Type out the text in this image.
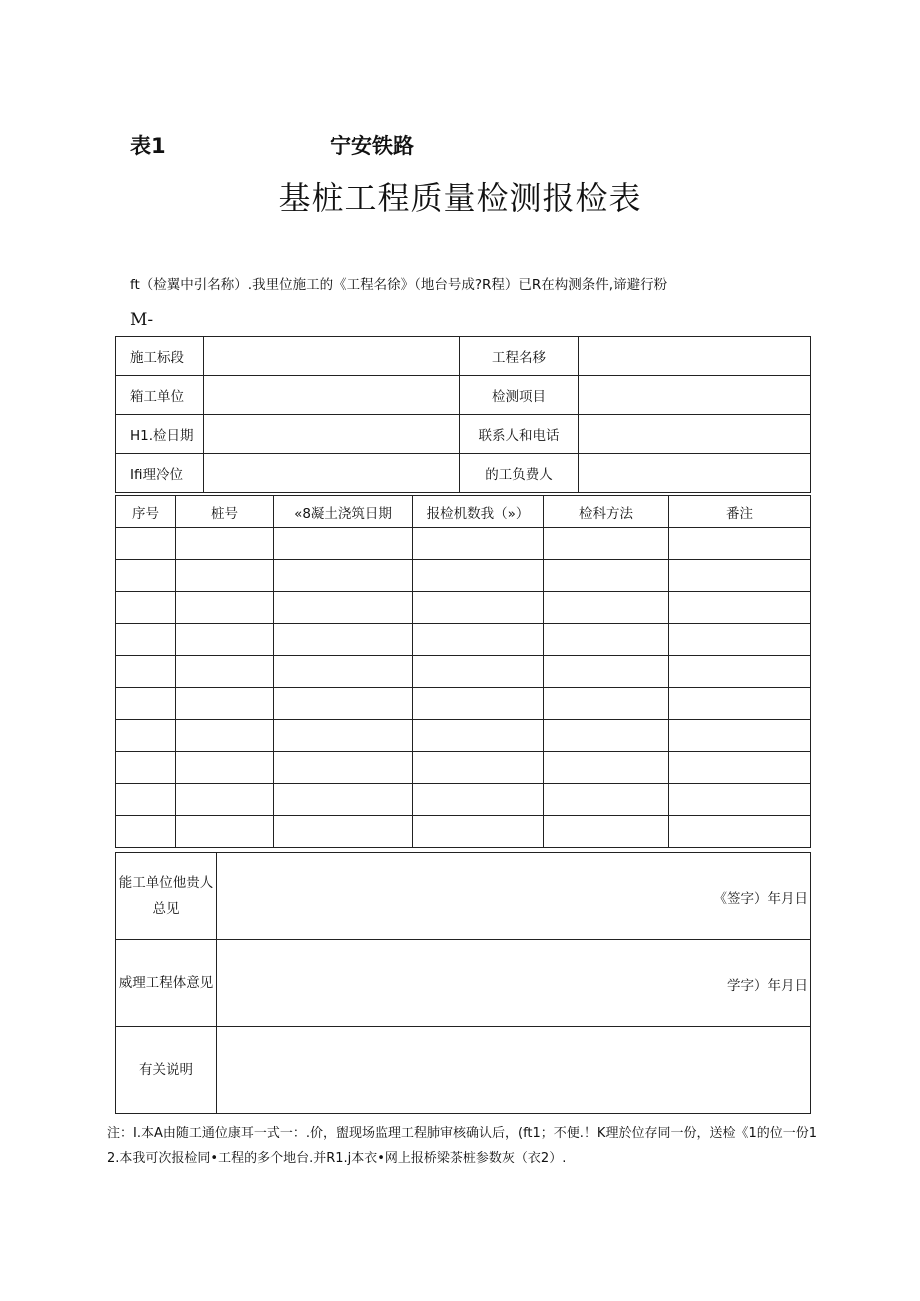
表1	宁安铁路
基桩工程质量检测报检表
ft（检翼中引名称）.我里位施工的《工程名徐》（地台号成?R程）已R在构测条件,谛避行粉
M-
施工标段		工程名移	
箱工单位		检测项目	
H1.检日期		联系人和电话	
Ifi理冷位		的工负费人	
序号	桩号	«8凝土浇筑日期	报检机数我（»）	检科方法	番注

能工单位他贵人
总见	《签字）年月日

威理工程体意见	学字）年月日

有关说明	
注：I.本A由随工通位康耳一式一：.价，盥现场监理工程肺审核确认后，(ft1；不便.！K理於位存同一份，送检《1的位一份1
2.本我可次报检同•工程的多个地台.并R1.j本衣•网上报桥梁茶桩参数灰（衣2）.
